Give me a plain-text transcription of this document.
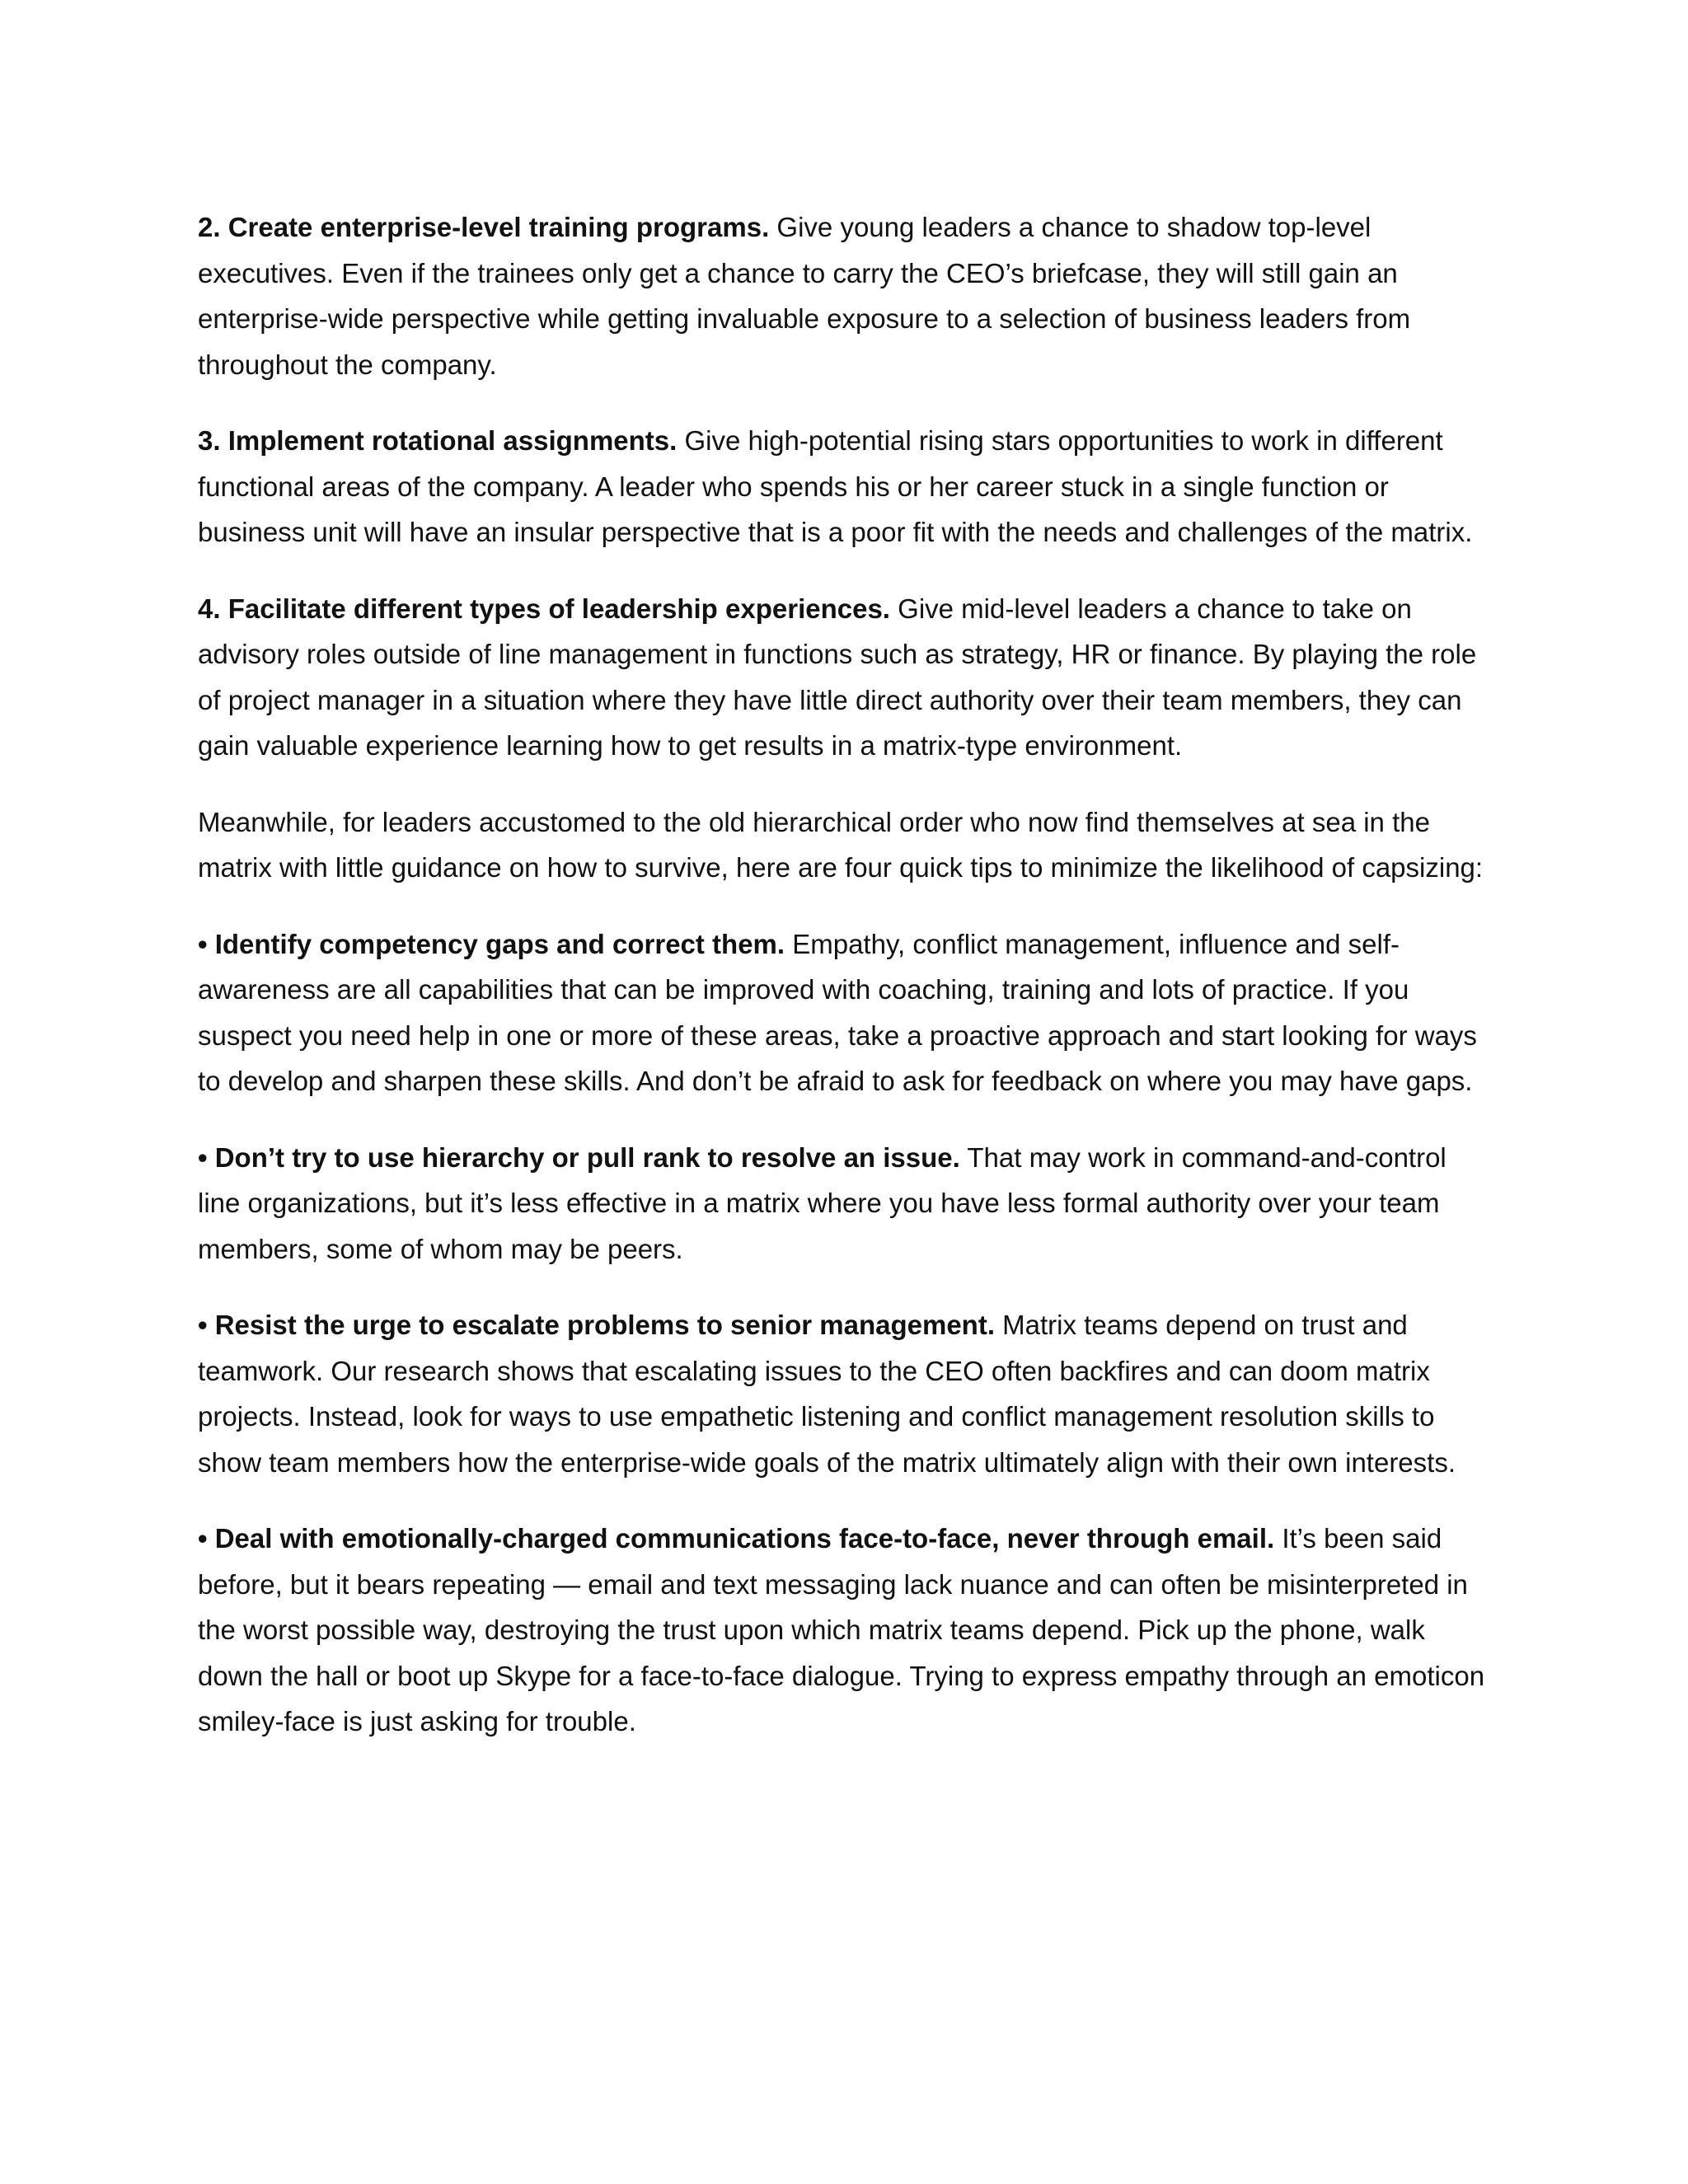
2. Create enterprise-level training programs. Give young leaders a chance to shadow top-level executives. Even if the trainees only get a chance to carry the CEO’s briefcase, they will still gain an enterprise-wide perspective while getting invaluable exposure to a selection of business leaders from throughout the company.

3. Implement rotational assignments. Give high-potential rising stars opportunities to work in different functional areas of the company. A leader who spends his or her career stuck in a single function or business unit will have an insular perspective that is a poor fit with the needs and challenges of the matrix.

4. Facilitate different types of leadership experiences. Give mid-level leaders a chance to take on advisory roles outside of line management in functions such as strategy, HR or finance. By playing the role of project manager in a situation where they have little direct authority over their team members, they can gain valuable experience learning how to get results in a matrix-type environment.

Meanwhile, for leaders accustomed to the old hierarchical order who now find themselves at sea in the matrix with little guidance on how to survive, here are four quick tips to minimize the likelihood of capsizing:

• Identify competency gaps and correct them. Empathy, conflict management, influence and self-awareness are all capabilities that can be improved with coaching, training and lots of practice. If you suspect you need help in one or more of these areas, take a proactive approach and start looking for ways to develop and sharpen these skills. And don’t be afraid to ask for feedback on where you may have gaps.

• Don’t try to use hierarchy or pull rank to resolve an issue. That may work in command-and-control line organizations, but it’s less effective in a matrix where you have less formal authority over your team members, some of whom may be peers.

• Resist the urge to escalate problems to senior management. Matrix teams depend on trust and teamwork. Our research shows that escalating issues to the CEO often backfires and can doom matrix projects. Instead, look for ways to use empathetic listening and conflict management resolution skills to show team members how the enterprise-wide goals of the matrix ultimately align with their own interests.

• Deal with emotionally-charged communications face-to-face, never through email. It’s been said before, but it bears repeating — email and text messaging lack nuance and can often be misinterpreted in the worst possible way, destroying the trust upon which matrix teams depend. Pick up the phone, walk down the hall or boot up Skype for a face-to-face dialogue. Trying to express empathy through an emoticon smiley-face is just asking for trouble.
